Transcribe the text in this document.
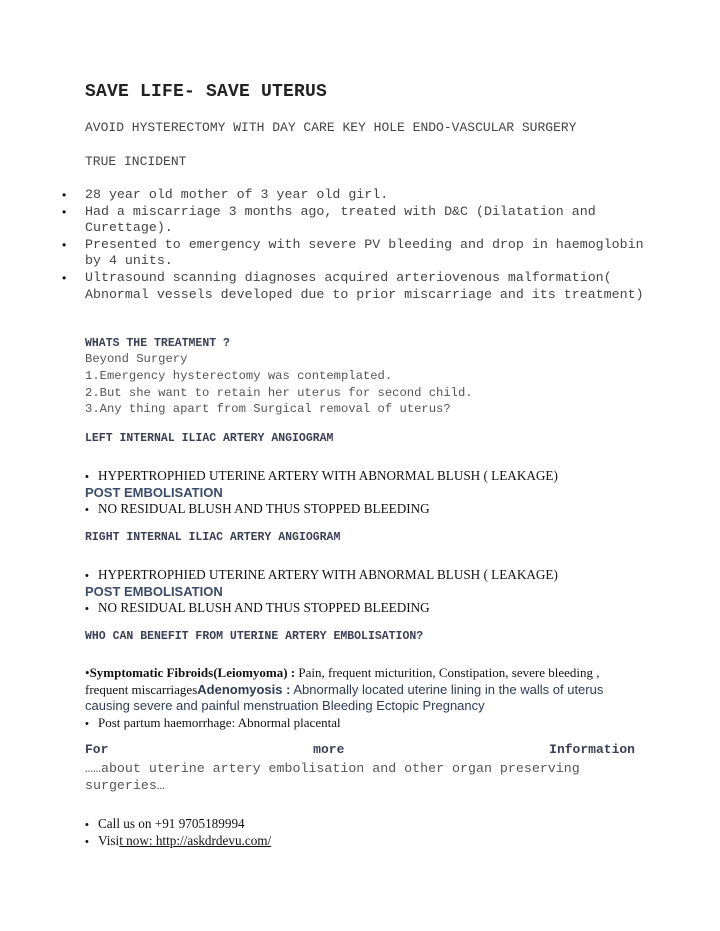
SAVE LIFE- SAVE UTERUS
AVOID HYSTERECTOMY WITH DAY CARE KEY HOLE ENDO-VASCULAR SURGERY
TRUE INCIDENT
• 28 year old mother of 3 year old girl.
• Had a miscarriage 3 months ago, treated with D&C (Dilatation and Curettage).
• Presented to emergency with severe PV bleeding and drop in haemoglobin by 4 units.
• Ultrasound scanning diagnoses acquired arteriovenous malformation( Abnormal vessels developed due to prior miscarriage and its treatment)
WHATS THE TREATMENT ?
Beyond Surgery
1.Emergency hysterectomy was contemplated.
2.But she want to retain her uterus for second child.
3.Any thing apart from Surgical removal of uterus?
LEFT INTERNAL ILIAC ARTERY ANGIOGRAM
• HYPERTROPHIED UTERINE ARTERY WITH ABNORMAL BLUSH ( LEAKAGE)
POST EMBOLISATION
• NO RESIDUAL BLUSH AND THUS STOPPED BLEEDING
RIGHT INTERNAL ILIAC ARTERY ANGIOGRAM
• HYPERTROPHIED UTERINE ARTERY WITH ABNORMAL BLUSH ( LEAKAGE)
POST EMBOLISATION
• NO RESIDUAL BLUSH AND THUS STOPPED BLEEDING
WHO CAN BENEFIT FROM UTERINE ARTERY EMBOLISATION?
•Symptomatic Fibroids(Leiomyoma) : Pain, frequent micturition, Constipation, severe bleeding , frequent miscarriagesAdenomyosis : Abnormally located uterine lining in the walls of uterus causing severe and painful menstruation Bleeding Ectopic Pregnancy
• Post partum haemorrhage: Abnormal placental
For	more	Information
……about uterine artery embolisation and other organ preserving surgeries…
• Call us on +91 9705189994
• Visit now: http://askdrdevu.com/
